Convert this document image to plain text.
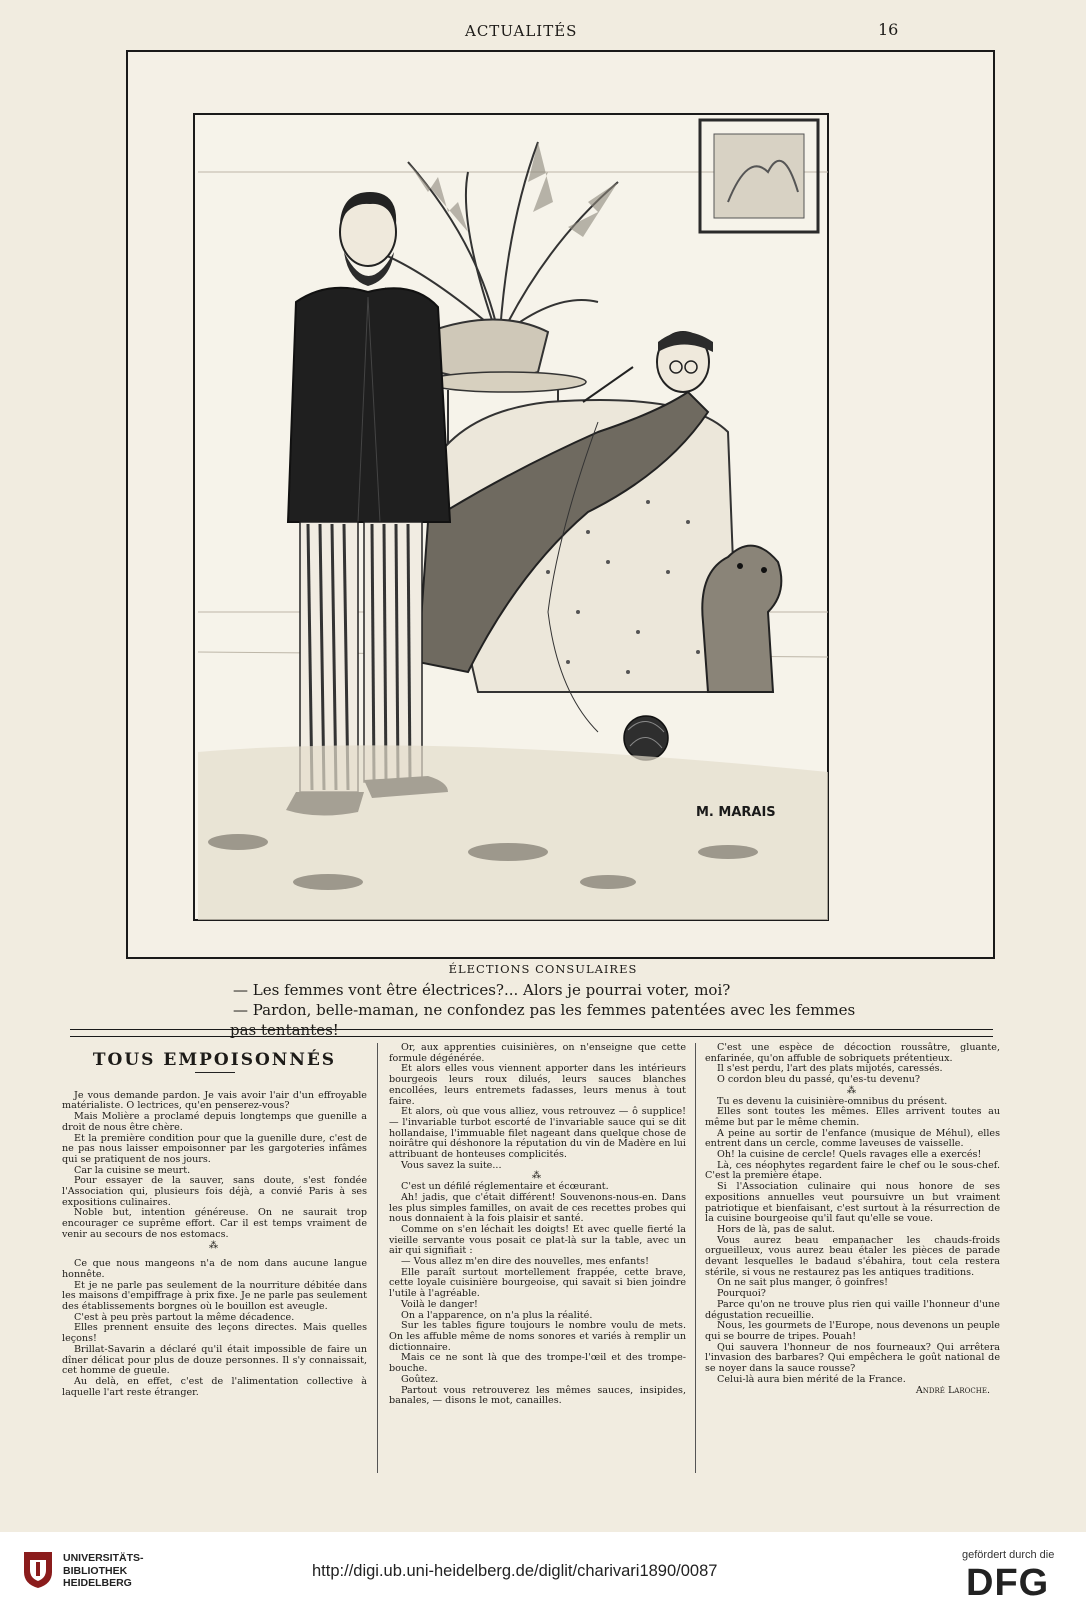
ACTUALITÉS	16
M. MARAIS
ÉLECTIONS CONSULAIRES
— Les femmes vont être électrices?... Alors je pourrai voter, moi?
— Pardon, belle-maman, ne confondez pas les femmes patentées avec les femmes
pas tentantes!

TOUS EMPOISONNÉS

Je vous demande pardon. Je vais avoir l'air d'un effroyable matérialiste. O lectrices, qu'en penserez-vous?

Mais Molière a proclamé depuis longtemps que guenille a droit de nous être chère.

Et la première condition pour que la guenille dure, c'est de ne pas nous laisser empoisonner par les gargoteries infâmes qui se pratiquent de nos jours.

Car la cuisine se meurt.

Pour essayer de la sauver, sans doute, s'est fondée l'Association qui, plusieurs fois déjà, a convié Paris à ses expositions culinaires.

Noble but, intention généreuse. On ne saurait trop encourager ce suprême effort. Car il est temps vraiment de venir au secours de nos estomacs.

⁂

Ce que nous mangeons n'a de nom dans aucune langue honnête.

Et je ne parle pas seulement de la nourriture débitée dans les maisons d'empiffrage à prix fixe. Je ne parle pas seulement des établissements borgnes où le bouillon est aveugle.

C'est à peu près partout la même décadence.

Elles prennent ensuite des leçons directes. Mais quelles leçons!

Brillat-Savarin a déclaré qu'il était impossible de faire un dîner délicat pour plus de douze personnes. Il s'y connaissait, cet homme de gueule.

Au delà, en effet, c'est de l'alimentation collective à laquelle l'art reste étranger.

Or, aux apprenties cuisinières, on n'enseigne que cette formule dégénérée.

Et alors elles vous viennent apporter dans les intérieurs bourgeois leurs roux dilués, leurs sauces blanches encollées, leurs entremets fadasses, leurs menus à tout faire.

Et alors, où que vous alliez, vous retrouvez — ô supplice! — l'invariable turbot escorté de l'invariable sauce qui se dit hollandaise, l'immuable filet nageant dans quelque chose de noirâtre qui déshonore la réputation du vin de Madère en lui attribuant de honteuses complicités.

Vous savez la suite...

⁂

C'est un défilé réglementaire et écœurant.

Ah! jadis, que c'était différent! Souvenons-nous-en. Dans les plus simples familles, on avait de ces recettes probes qui nous donnaient à la fois plaisir et santé.

Comme on s'en léchait les doigts! Et avec quelle fierté la vieille servante vous posait ce plat-là sur la table, avec un air qui signifiait :

— Vous allez m'en dire des nouvelles, mes enfants!

Elle paraît surtout mortellement frappée, cette brave, cette loyale cuisinière bourgeoise, qui savait si bien joindre l'utile à l'agréable.

Voilà le danger!

On a l'apparence, on n'a plus la réalité.

Sur les tables figure toujours le nombre voulu de mets. On les affuble même de noms sonores et variés à remplir un dictionnaire.

Mais ce ne sont là que des trompe-l'œil et des trompe-bouche.

Goûtez.

Partout vous retrouverez les mêmes sauces, insipides, banales, — disons le mot, canailles.

C'est une espèce de décoction roussâtre, gluante, enfarinée, qu'on affuble de sobriquets prétentieux.

Il s'est perdu, l'art des plats mijotés, caressés.

O cordon bleu du passé, qu'es-tu devenu?

⁂

Tu es devenu la cuisinière-omnibus du présent.

Elles sont toutes les mêmes. Elles arrivent toutes au même but par le même chemin.

A peine au sortir de l'enfance (musique de Méhul), elles entrent dans un cercle, comme laveuses de vaisselle.

Oh! la cuisine de cercle! Quels ravages elle a exercés!

Là, ces néophytes regardent faire le chef ou le sous-chef. C'est la première étape.

Si l'Association culinaire qui nous honore de ses expositions annuelles veut poursuivre un but vraiment patriotique et bienfaisant, c'est surtout à la résurrection de la cuisine bourgeoise qu'il faut qu'elle se voue.

Hors de là, pas de salut.

Vous aurez beau empanacher les chauds-froids orgueilleux, vous aurez beau étaler les pièces de parade devant lesquelles le badaud s'ébahira, tout cela restera stérile, si vous ne restaurez pas les antiques traditions.

On ne sait plus manger, ô goinfres!

Pourquoi?

Parce qu'on ne trouve plus rien qui vaille l'honneur d'une dégustation recueillie.

Nous, les gourmets de l'Europe, nous devenons un peuple qui se bourre de tripes. Pouah!

Qui sauvera l'honneur de nos fourneaux? Qui arrêtera l'invasion des barbares? Qui empêchera le goût national de se noyer dans la sauce rousse?

Celui-là aura bien mérité de la France.

André Laroche.

UNIVERSITÄTS-
BIBLIOTHEK
HEIDELBERG
http://digi.ub.uni-heidelberg.de/diglit/charivari1890/0087
gefördert durch die
DFG
